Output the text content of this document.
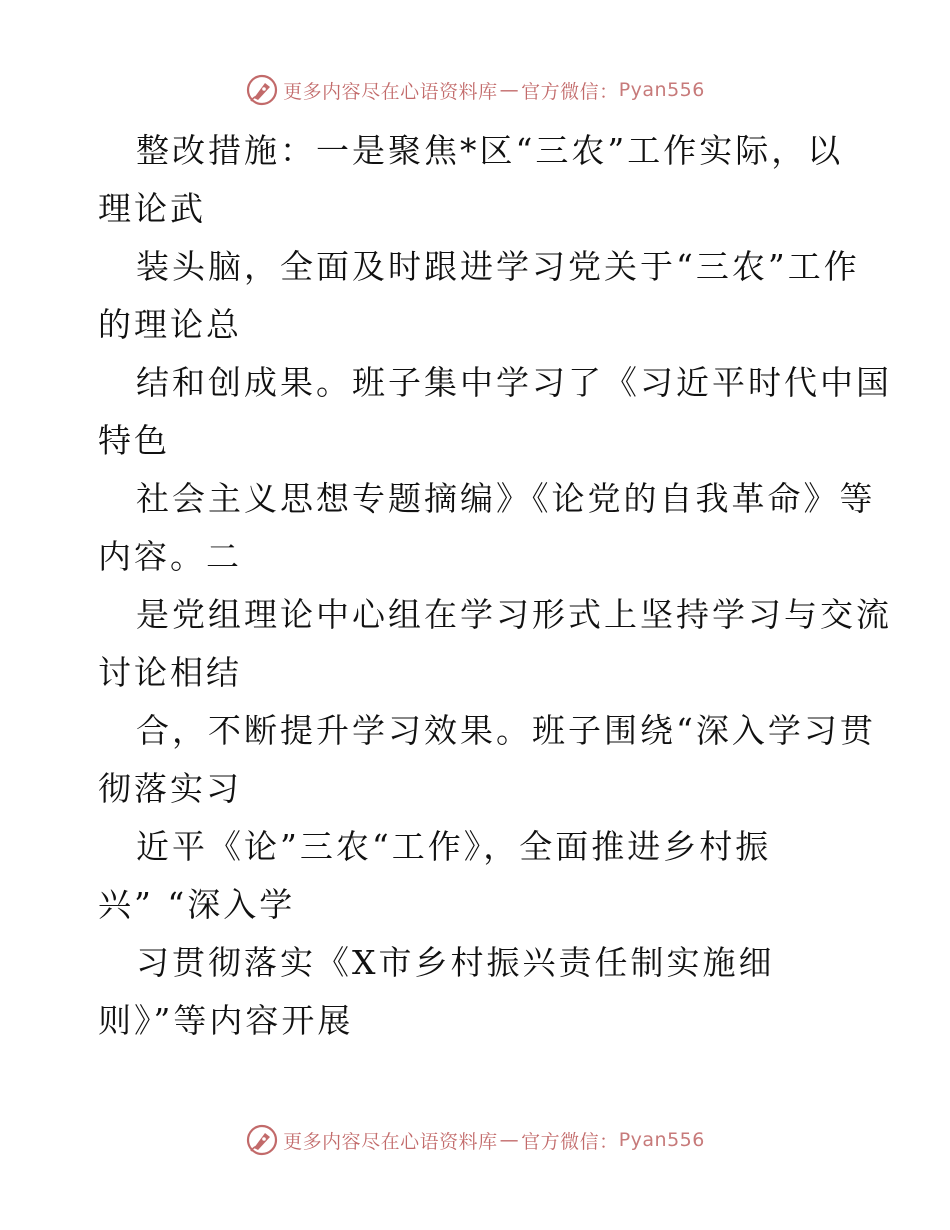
更多内容尽在心语资料库 — 官方微信： Pyan556
整改措施：一是聚焦*区“三农”工作实际，以
理论武
装头脑，全面及时跟进学习党关于“三农”工作
的理论总
结和创成果。班子集中学习了《习近平时代中国
特色
社会主义思想专题摘编》《论党的自我革命》等
内容。二
是党组理论中心组在学习形式上坚持学习与交流
讨论相结
合，不断提升学习效果。班子围绕“深入学习贯
彻落实习
近平《论”三农“工作》，全面推进乡村振
兴” “深入学
习贯彻落实《X市乡村振兴责任制实施细
则》”等内容开展
更多内容尽在心语资料库 — 官方微信： Pyan556
